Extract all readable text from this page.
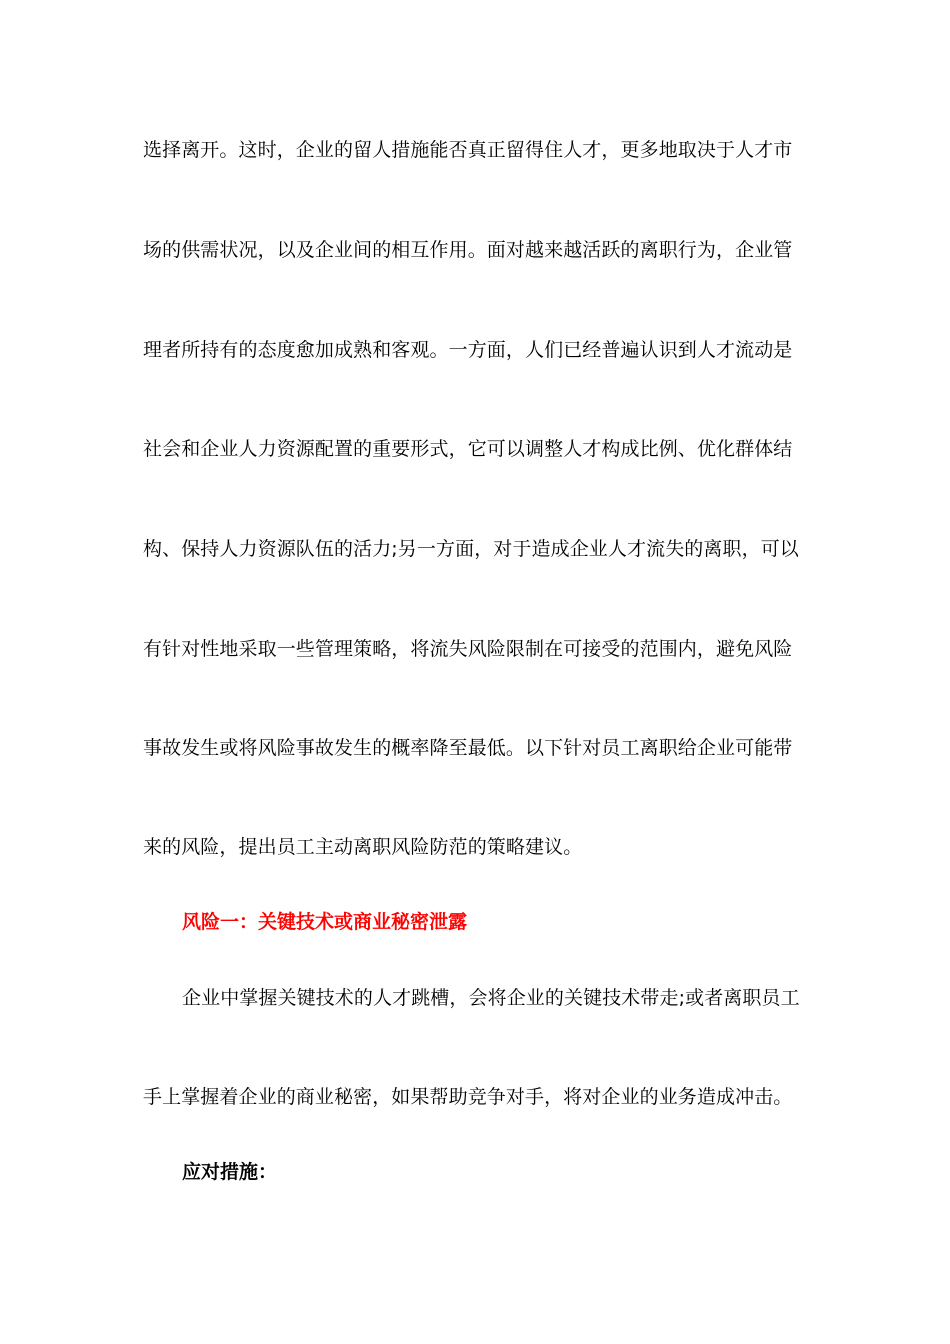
选择离开。这时，企业的留人措施能否真正留得住人才，更多地取决于人才市
场的供需状况，以及企业间的相互作用。面对越来越活跃的离职行为，企业管
理者所持有的态度愈加成熟和客观。一方面，人们已经普遍认识到人才流动是
社会和企业人力资源配置的重要形式，它可以调整人才构成比例、优化群体结
构、保持人力资源队伍的活力;另一方面，对于造成企业人才流失的离职，可以
有针对性地采取一些管理策略，将流失风险限制在可接受的范围内，避免风险
事故发生或将风险事故发生的概率降至最低。以下针对员工离职给企业可能带
来的风险，提出员工主动离职风险防范的策略建议。
风险一：关键技术或商业秘密泄露
企业中掌握关键技术的人才跳槽，会将企业的关键技术带走;或者离职员工
手上掌握着企业的商业秘密，如果帮助竞争对手，将对企业的业务造成冲击。
应对措施：
